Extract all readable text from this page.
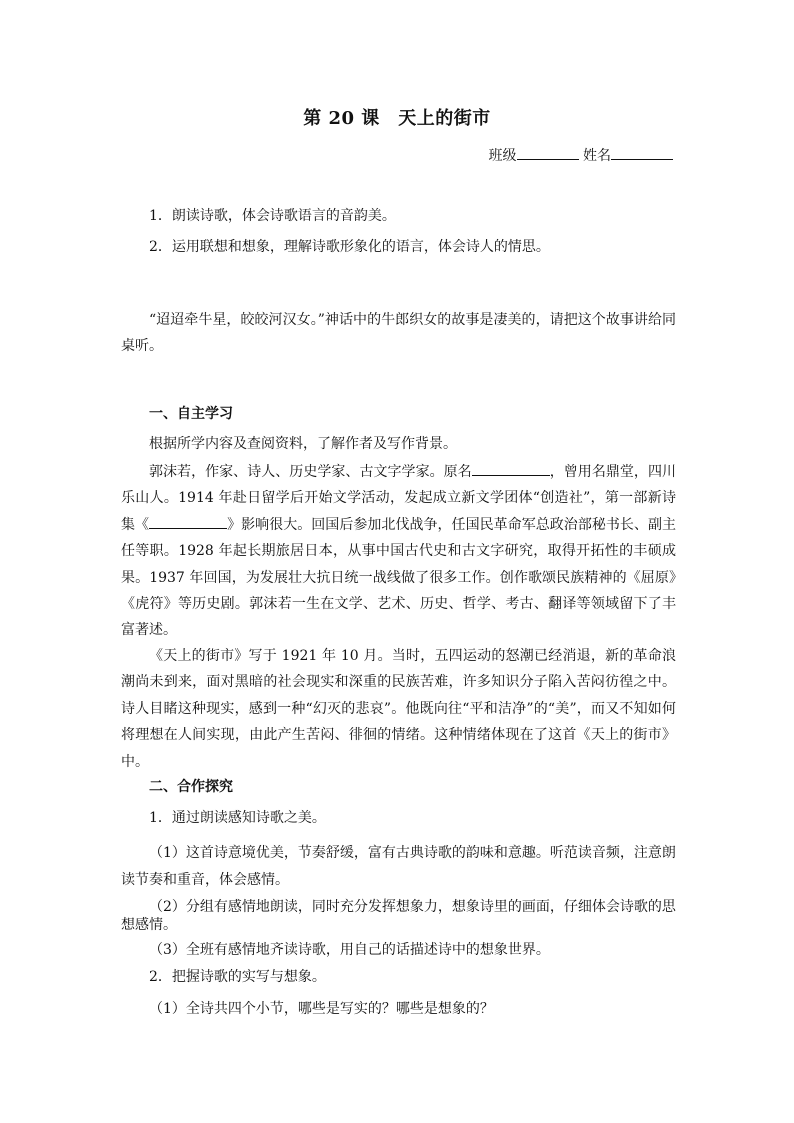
第 20 课　天上的街市
班级	姓名
1．朗读诗歌，体会诗歌语言的音韵美。
2．运用联想和想象，理解诗歌形象化的语言，体会诗人的情思。
“迢迢牵牛星，皎皎河汉女。”神话中的牛郎织女的故事是凄美的，请把这个故事讲给同桌听。
一、自主学习
根据所学内容及查阅资料，了解作者及写作背景。
郭沫若，作家、诗人、历史学家、古文字学家。原名	，曾用名鼎堂，四川乐山人。1914 年赴日留学后开始文学活动，发起成立新文学团体“创造社”，第一部新诗集《	》影响很大。回国后参加北伐战争，任国民革命军总政治部秘书长、副主任等职。1928 年起长期旅居日本，从事中国古代史和古文字研究，取得开拓性的丰硕成果。1937 年回国，为发展壮大抗日统一战线做了很多工作。创作歌颂民族精神的《屈原》《虎符》等历史剧。郭沫若一生在文学、艺术、历史、哲学、考古、翻译等领域留下了丰富著述。
《天上的街市》写于 1921 年 10 月。当时，五四运动的怒潮已经消退，新的革命浪潮尚未到来，面对黑暗的社会现实和深重的民族苦难，许多知识分子陷入苦闷彷徨之中。诗人目睹这种现实，感到一种“幻灭的悲哀”。他既向往“平和洁净”的“美”，而又不知如何将理想在人间实现，由此产生苦闷、徘徊的情绪。这种情绪体现在了这首《天上的街市》中。
二、合作探究
1．通过朗读感知诗歌之美。
（1）这首诗意境优美，节奏舒缓，富有古典诗歌的韵味和意趣。听范读音频，注意朗读节奏和重音，体会感情。
（2）分组有感情地朗读，同时充分发挥想象力，想象诗里的画面，仔细体会诗歌的思想感情。
（3）全班有感情地齐读诗歌，用自己的话描述诗中的想象世界。
2．把握诗歌的实写与想象。
（1）全诗共四个小节，哪些是写实的？哪些是想象的？
